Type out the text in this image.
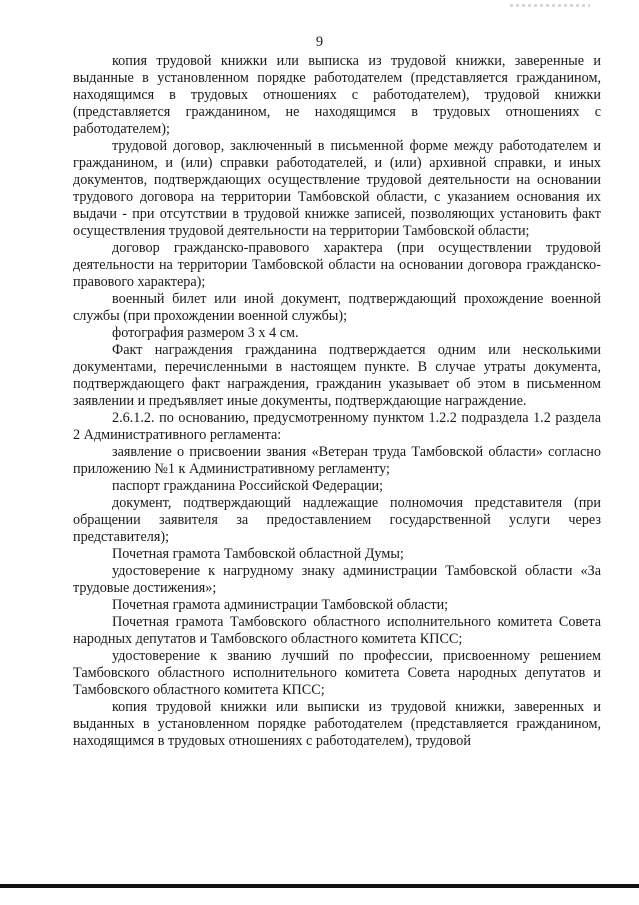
9

копия трудовой книжки или выписка из трудовой книжки, заверенные и выданные в установленном порядке работодателем (представляется гражданином, находящимся в трудовых отношениях с работодателем), трудовой книжки (представляется гражданином, не находящимся в трудовых отношениях с работодателем);

трудовой договор, заключенный в письменной форме между работодателем и гражданином, и (или) справки работодателей, и (или) архивной справки, и иных документов, подтверждающих осуществление трудовой деятельности на основании трудового договора на территории Тамбовской области, с указанием основания их выдачи - при отсутствии в трудовой книжке записей, позволяющих установить факт осуществления трудовой деятельности на территории Тамбовской области;

договор гражданско-правового характера (при осуществлении трудовой деятельности на территории Тамбовской области на основании договора гражданско-правового характера);

военный билет или иной документ, подтверждающий прохождение военной службы (при прохождении военной службы);

фотография размером 3 х 4 см.

Факт награждения гражданина подтверждается одним или несколькими документами, перечисленными в настоящем пункте. В случае утраты документа, подтверждающего факт награждения, гражданин указывает об этом в письменном заявлении и предъявляет иные документы, подтверждающие награждение.

2.6.1.2. по основанию, предусмотренному пунктом 1.2.2 подраздела 1.2 раздела 2 Административного регламента:

заявление о присвоении звания «Ветеран труда Тамбовской области» согласно приложению №1 к Административному регламенту;

паспорт гражданина Российской Федерации;

документ, подтверждающий надлежащие полномочия представителя (при обращении заявителя за предоставлением государственной услуги через представителя);

Почетная грамота Тамбовской областной Думы;

удостоверение к нагрудному знаку администрации Тамбовской области «За трудовые достижения»;

Почетная грамота администрации Тамбовской области;

Почетная грамота Тамбовского областного исполнительного комитета Совета народных депутатов и Тамбовского областного комитета КПСС;

удостоверение к званию лучший по профессии, присвоенному решением Тамбовского областного исполнительного комитета Совета народных депутатов и Тамбовского областного комитета КПСС;

копия трудовой книжки или выписки из трудовой книжки, заверенных и выданных в установленном порядке работодателем (представляется гражданином, находящимся в трудовых отношениях с работодателем), трудовой
